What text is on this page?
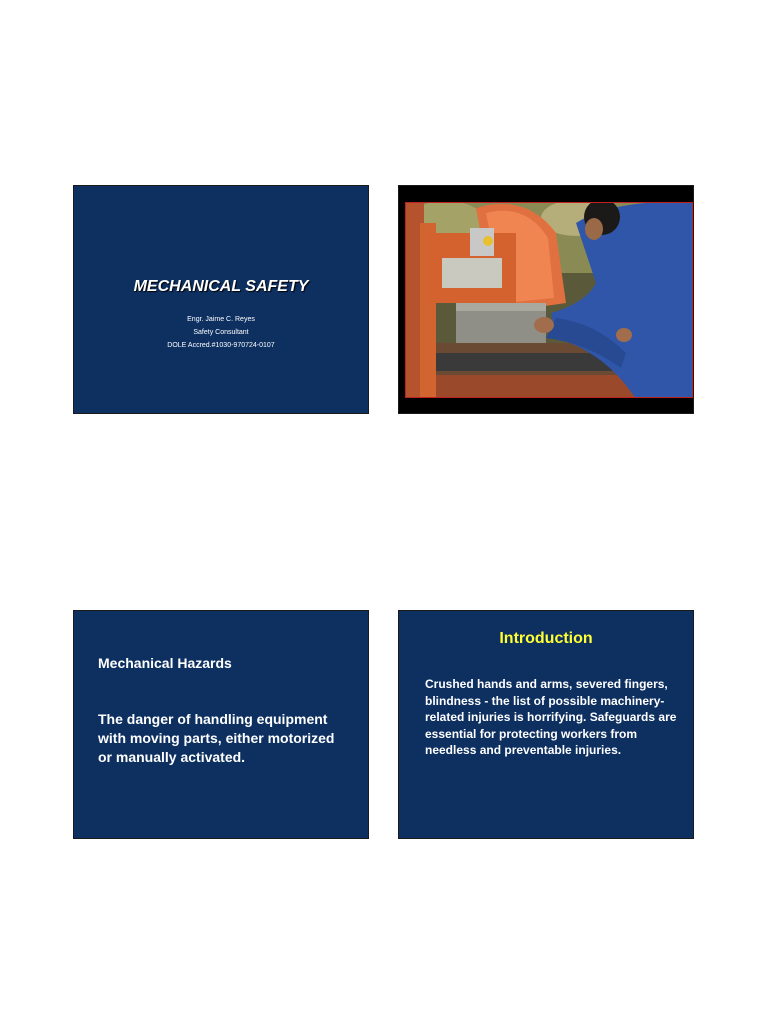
MECHANICAL SAFETY
Engr. Jaime C. Reyes
Safety Consultant
DOLE Accred.#1030-970724-0107
Mechanical Hazards
The danger of handling equipment with moving parts, either motorized or manually activated.
Introduction
Crushed hands and arms, severed fingers, blindness - the list of possible machinery-related injuries is horrifying. Safeguards are essential for protecting workers from needless and preventable injuries.
